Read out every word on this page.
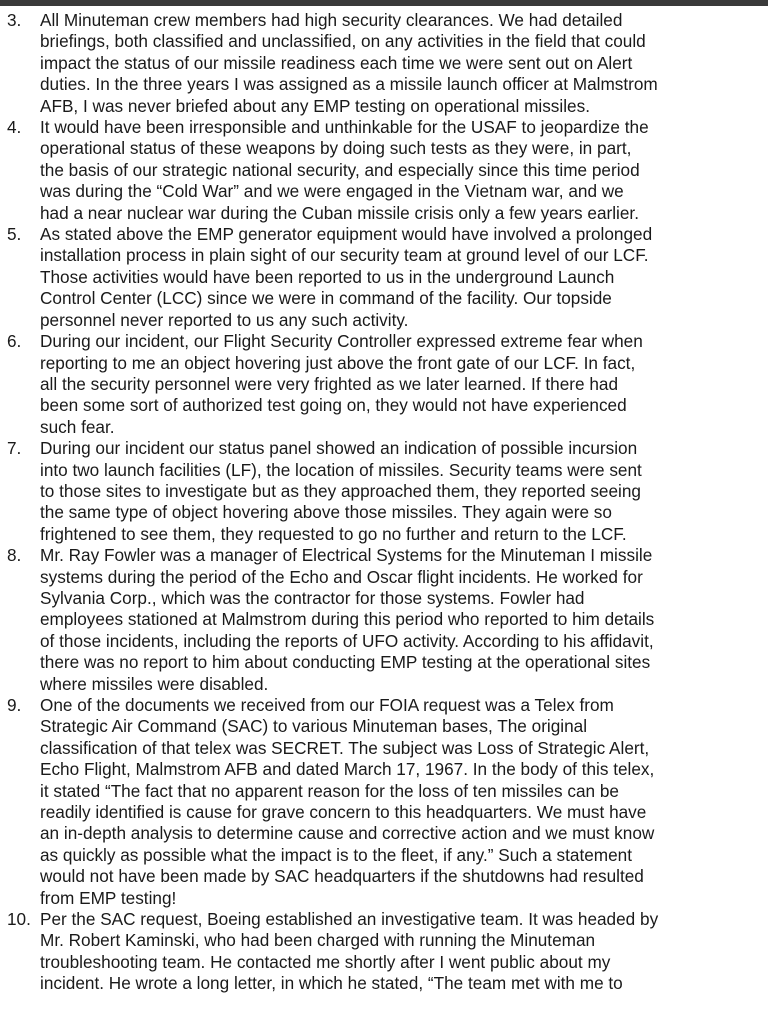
3.	All Minuteman crew members had high security clearances. We had detailed
briefings, both classified and unclassified, on any activities in the field that could
impact the status of our missile readiness each time we were sent out on Alert
duties. In the three years I was assigned as a missile launch officer at Malmstrom
AFB, I was never briefed about any EMP testing on operational missiles.
4.	It would have been irresponsible and unthinkable for the USAF to jeopardize the
operational status of these weapons by doing such tests as they were, in part,
the basis of our strategic national security, and especially since this time period
was during the “Cold War” and we were engaged in the Vietnam war, and we
had a near nuclear war during the Cuban missile crisis only a few years earlier.
5.	As stated above the EMP generator equipment would have involved a prolonged
installation process in plain sight of our security team at ground level of our LCF.
Those activities would have been reported to us in the underground Launch
Control Center (LCC) since we were in command of the facility. Our topside
personnel never reported to us any such activity.
6.	During our incident, our Flight Security Controller expressed extreme fear when
reporting to me an object hovering just above the front gate of our LCF. In fact,
all the security personnel were very frighted as we later learned. If there had
been some sort of authorized test going on, they would not have experienced
such fear.
7.	During our incident our status panel showed an indication of possible incursion
into two launch facilities (LF), the location of missiles. Security teams were sent
to those sites to investigate but as they approached them, they reported seeing
the same type of object hovering above those missiles. They again were so
frightened to see them, they requested to go no further and return to the LCF.
8.	Mr. Ray Fowler was a manager of Electrical Systems for the Minuteman I missile
systems during the period of the Echo and Oscar flight incidents. He worked for
Sylvania Corp., which was the contractor for those systems. Fowler had
employees stationed at Malmstrom during this period who reported to him details
of those incidents, including the reports of UFO activity. According to his affidavit,
there was no report to him about conducting EMP testing at the operational sites
where missiles were disabled.
9.	One of the documents we received from our FOIA request was a Telex from
Strategic Air Command (SAC) to various Minuteman bases, The original
classification of that telex was SECRET. The subject was Loss of Strategic Alert,
Echo Flight, Malmstrom AFB and dated March 17, 1967. In the body of this telex,
it stated “The fact that no apparent reason for the loss of ten missiles can be
readily identified is cause for grave concern to this headquarters. We must have
an in-depth analysis to determine cause and corrective action and we must know
as quickly as possible what the impact is to the fleet, if any.” Such a statement
would not have been made by SAC headquarters if the shutdowns had resulted
from EMP testing!
10. Per the SAC request, Boeing established an investigative team. It was headed by
Mr. Robert Kaminski, who had been charged with running the Minuteman
troubleshooting team. He contacted me shortly after I went public about my
incident. He wrote a long letter, in which he stated, “The team met with me to
